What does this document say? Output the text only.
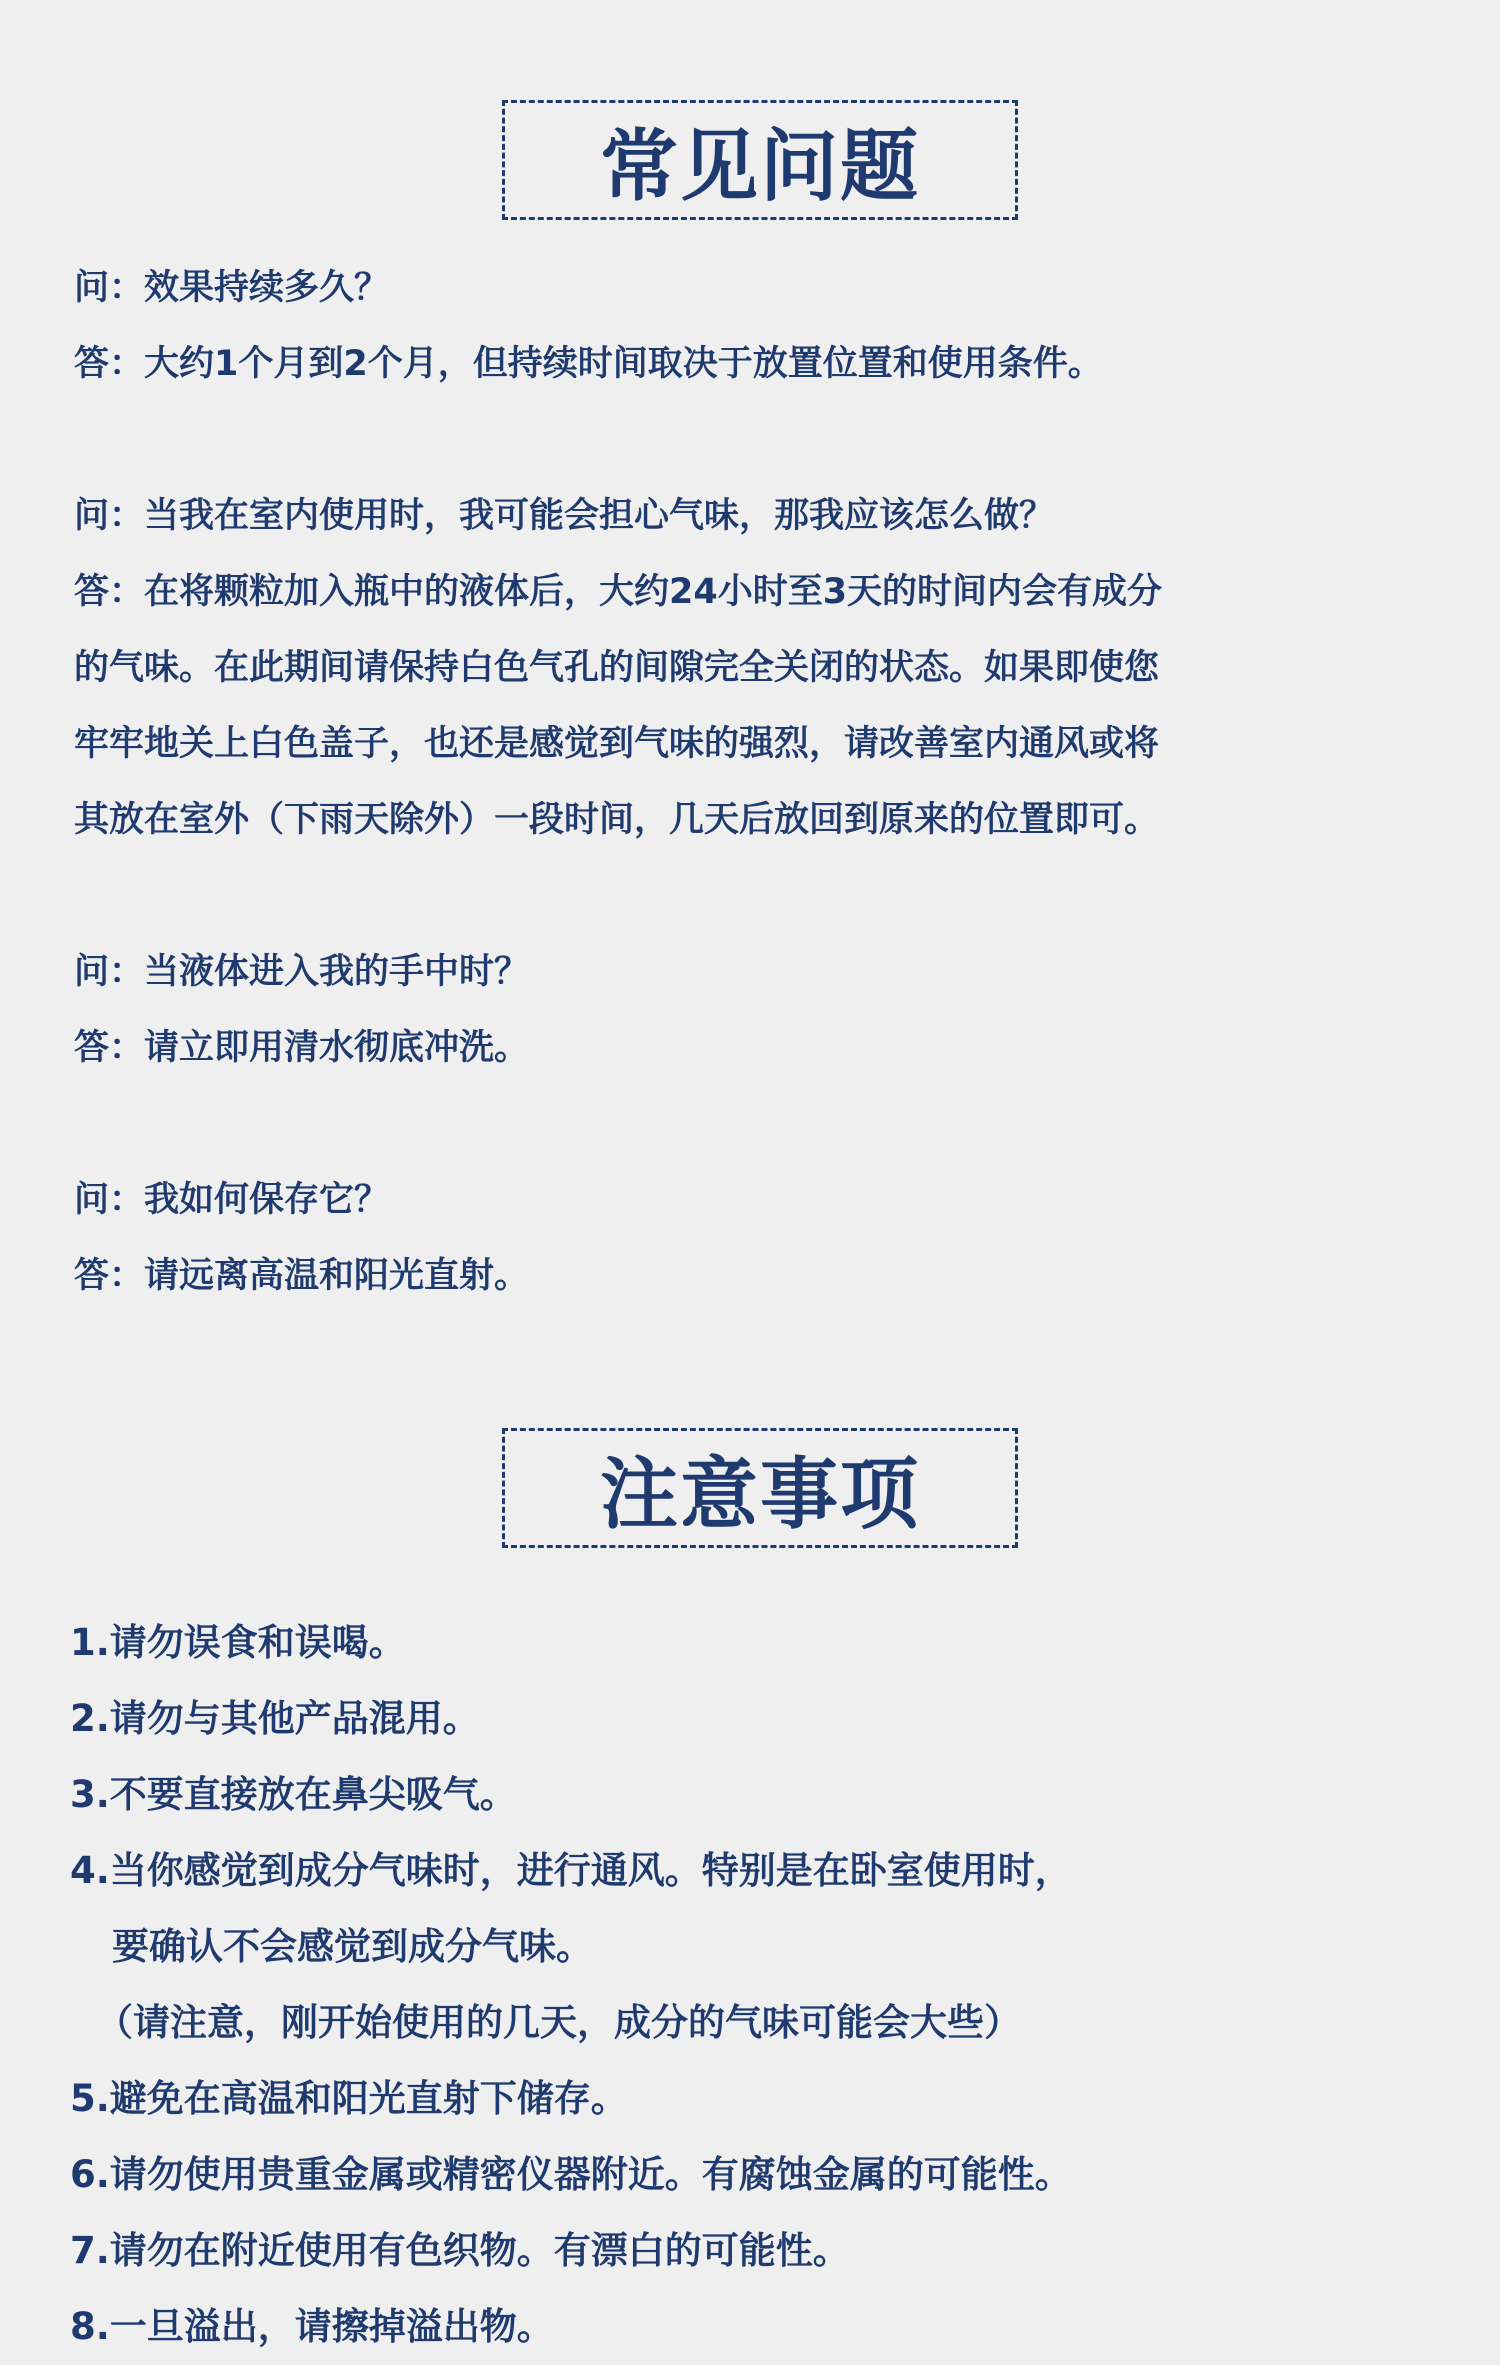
常见问题
问：效果持续多久？
答：大约1个月到2个月，但持续时间取决于放置位置和使用条件。
问：当我在室内使用时，我可能会担心气味，那我应该怎么做？
答：在将颗粒加入瓶中的液体后，大约24小时至3天的时间内会有成分
的气味。在此期间请保持白色气孔的间隙完全关闭的状态。如果即使您
牢牢地关上白色盖子，也还是感觉到气味的强烈，请改善室内通风或将
其放在室外（下雨天除外）一段时间，几天后放回到原来的位置即可。
问：当液体进入我的手中时？
答：请立即用清水彻底冲洗。
问：我如何保存它？
答：请远离高温和阳光直射。
注意事项
1.请勿误食和误喝。
2.请勿与其他产品混用。
3.不要直接放在鼻尖吸气。
4.当你感觉到成分气味时，进行通风。特别是在卧室使用时，
要确认不会感觉到成分气味。
（请注意，刚开始使用的几天，成分的气味可能会大些）
5.避免在高温和阳光直射下储存。
6.请勿使用贵重金属或精密仪器附近。有腐蚀金属的可能性。
7.请勿在附近使用有色织物。有漂白的可能性。
8.一旦溢出，请擦掉溢出物。
